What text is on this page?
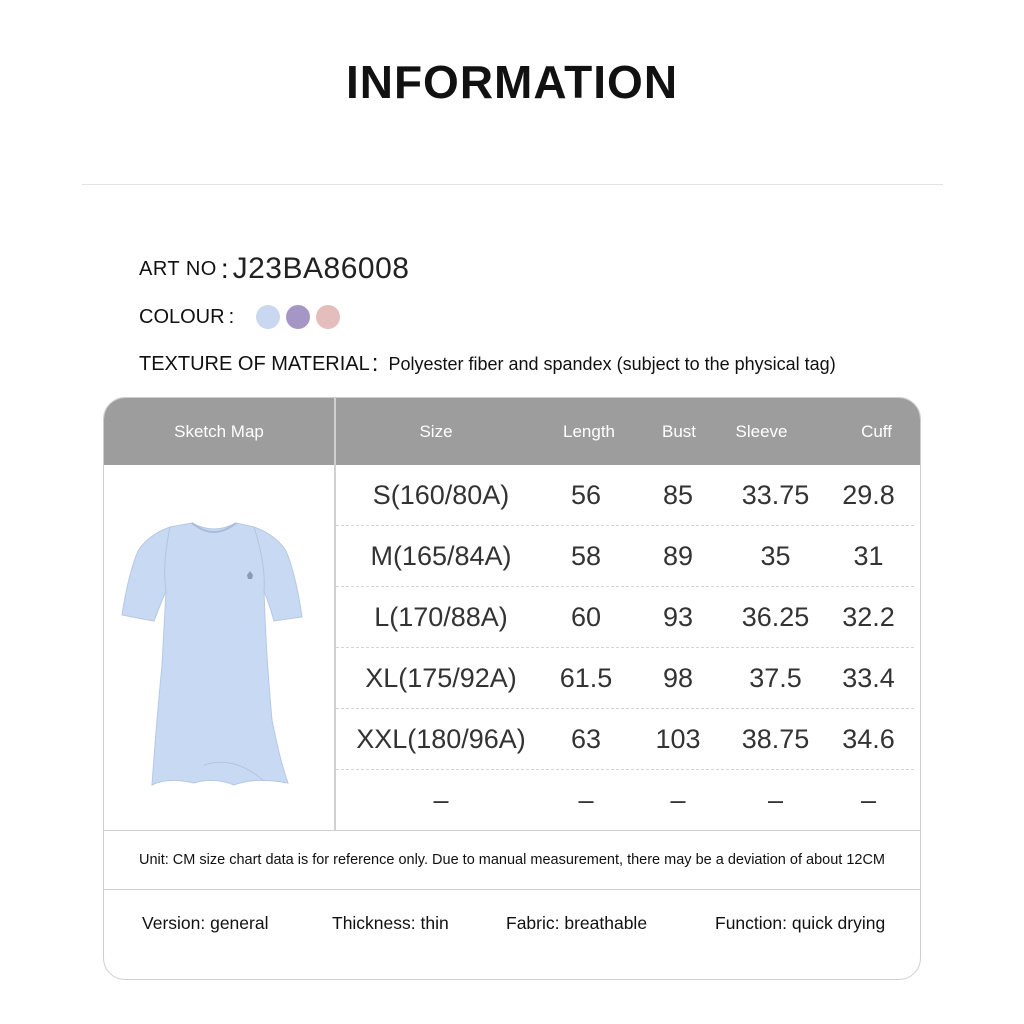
INFORMATION
ART NO : J23BA86008
COLOUR :
TEXTURE OF MATERIAL : Polyester fiber and spandex (subject to the physical tag)
Sketch Map	Size	Length	Bust	Sleeve	Cuff
S(160/80A)	56	85	33.75	29.8
M(165/84A)	58	89	35	31
L(170/88A)	60	93	36.25	32.2
XL(175/92A)	61.5	98	37.5	33.4
XXL(180/96A)	63	103	38.75	34.6
–	–	–	–	–
Unit: CM size chart data is for reference only. Due to manual measurement, there may be a deviation of about 12CM
Version: general	Thickness: thin	Fabric: breathable	Function: quick drying
